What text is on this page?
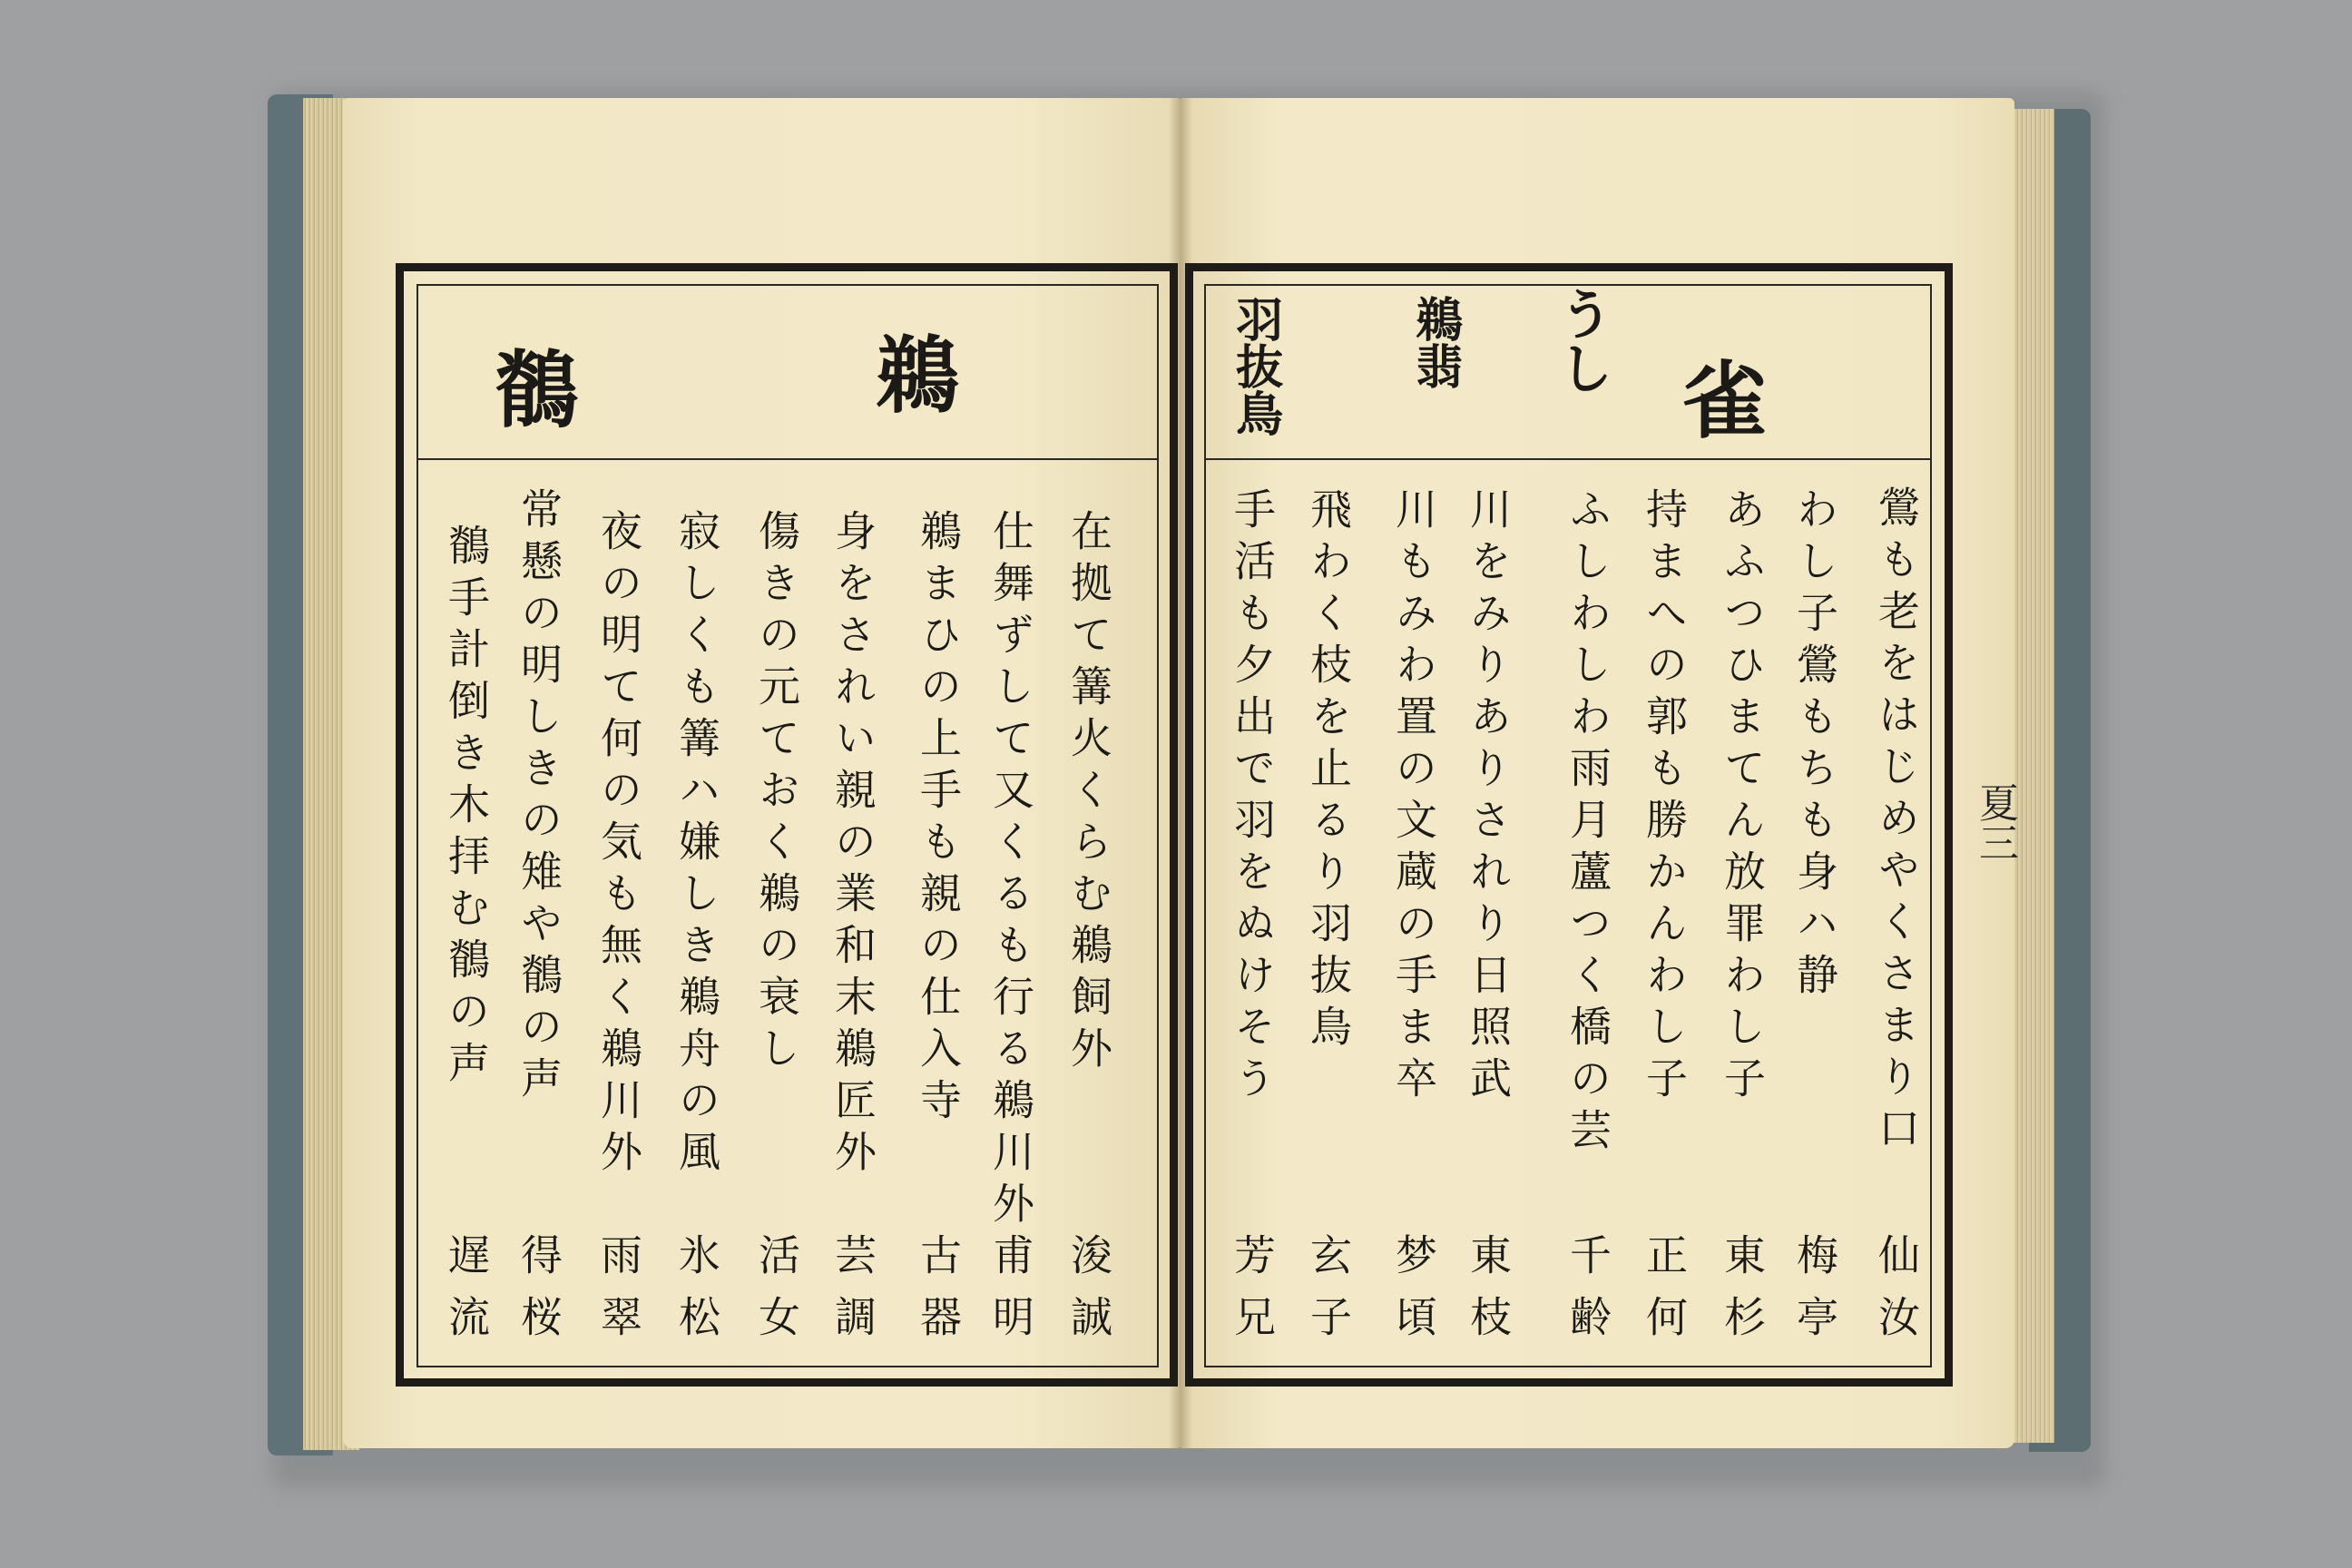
鵜
鶺
在拠て篝火くらむ鵜飼外
仕舞ずして又くるも行る鵜川外
鵜まひの上手も親の仕入寺
身をされい親の業和末鵜匠外
傷きの元ておく鵜の衰し
寂しくも篝ハ嫌しき鵜舟の風
夜の明て何の気も無く鵜川外
常懸の明しきの雉や鶺の声
鶺手計倒き木拝む鶺の声
浚誠
甫明
古器
芸調
活女
氷松
雨翠
得桜
遅流
雀
うし
鵜翡
羽抜鳥
鶯も老をはじめやくさまり口
わし子鶯もちも身ハ静
あふつひまてん放罪わし子
持まへの郭も勝かんわし子
ふしわしわ雨月蘆つく橋の芸
川をみりありされり日照武
川もみわ置の文蔵の手ま卒
飛わく枝を止るり羽抜鳥
手活も夕出で羽をぬけそう
仙汝
梅亭
東杉
正何
千齢
東枝
梦頃
玄子
芳兄
夏三
